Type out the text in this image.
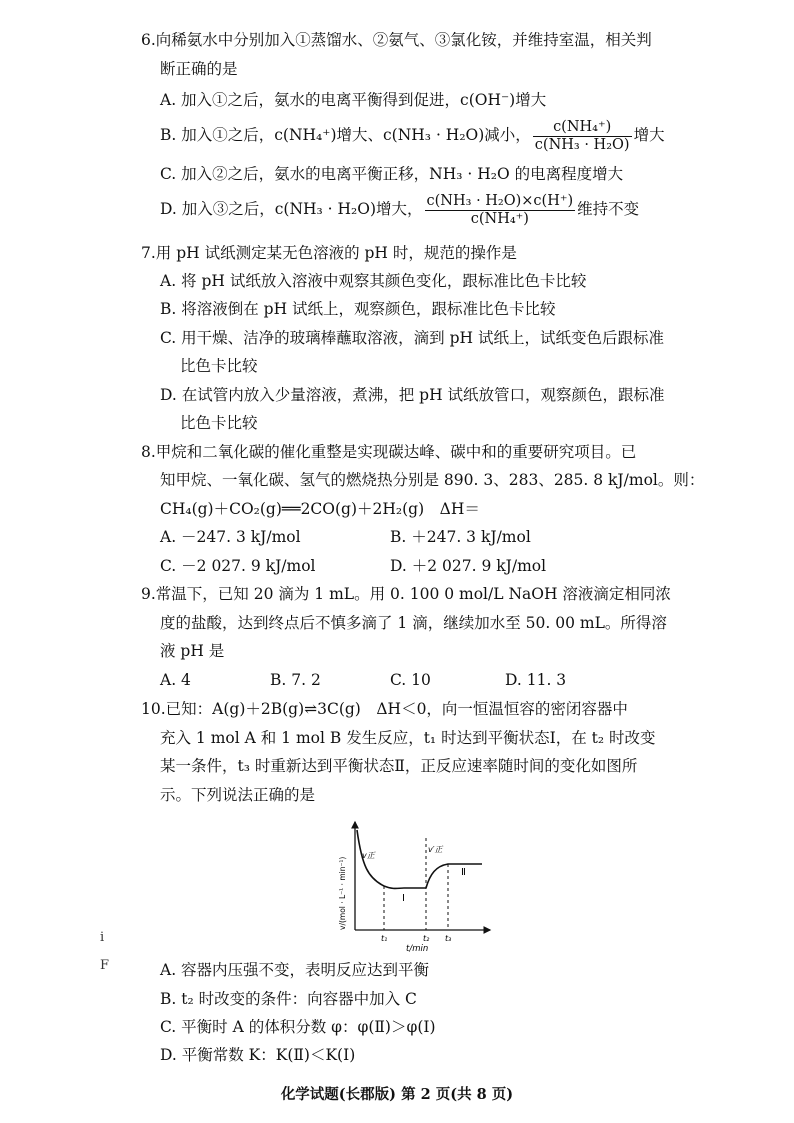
6.向稀氨水中分别加入①蒸馏水、②氨气、③氯化铵，并维持室温，相关判
断正确的是
A. 加入①之后，氨水的电离平衡得到促进，c(OH⁻)增大
B. 加入①之后，c(NH₄⁺)增大、c(NH₃ · H₂O)减小， $\frac{\text{c(NH₄⁺)}}{\text{c(NH₃ · H₂O)}}$ 增大
C. 加入②之后，氨水的电离平衡正移，NH₃ · H₂O 的电离程度增大
D. 加入③之后，c(NH₃ · H₂O)增大， $\frac{\text{c(NH₃ · H₂O)×c(H⁺)}}{\text{c(NH₄⁺)}}$ 维持不变
7.用 pH 试纸测定某无色溶液的 pH 时，规范的操作是
A. 将 pH 试纸放入溶液中观察其颜色变化，跟标准比色卡比较
B. 将溶液倒在 pH 试纸上，观察颜色，跟标准比色卡比较
C. 用干燥、洁净的玻璃棒蘸取溶液，滴到 pH 试纸上，试纸变色后跟标准
比色卡比较
D. 在试管内放入少量溶液，煮沸，把 pH 试纸放管口，观察颜色，跟标准
比色卡比较
8.甲烷和二氧化碳的催化重整是实现碳达峰、碳中和的重要研究项目。已
知甲烷、一氧化碳、氢气的燃烧热分别是 890. 3、283、285. 8 kJ/mol。则：
CH₄(g)＋CO₂(g)══2CO(g)＋2H₂(g)　ΔH＝
A. －247. 3 kJ/mol	B. ＋247. 3 kJ/mol
C. －2 027. 9 kJ/mol	D. ＋2 027. 9 kJ/mol
9.常温下，已知 20 滴为 1 mL。用 0. 100 0 mol/L NaOH 溶液滴定相同浓
度的盐酸，达到终点后不慎多滴了 1 滴，继续加水至 50. 00 mL。所得溶
液 pH 是
A. 4	B. 7. 2	C. 10	D. 11. 3
10.已知：A(g)＋2B(g)⇌3C(g)　ΔH＜0，向一恒温恒容的密闭容器中
充入 1 mol A 和 1 mol B 发生反应，t₁ 时达到平衡状态Ⅰ，在 t₂ 时改变
某一条件，t₃ 时重新达到平衡状态Ⅱ，正反应速率随时间的变化如图所
示。下列说法正确的是
v/(mol · L⁻¹ · min⁻¹)
v正
v′正
Ⅰ
Ⅱ
t₁	t₂ t₃
t/min
A. 容器内压强不变，表明反应达到平衡
B. t₂ 时改变的条件：向容器中加入 C
C. 平衡时 A 的体积分数 φ：φ(Ⅱ)＞φ(Ⅰ)
D. 平衡常数 K：K(Ⅱ)＜K(Ⅰ)
i
F
化学试题(长郡版) 第 2 页(共 8 页)
